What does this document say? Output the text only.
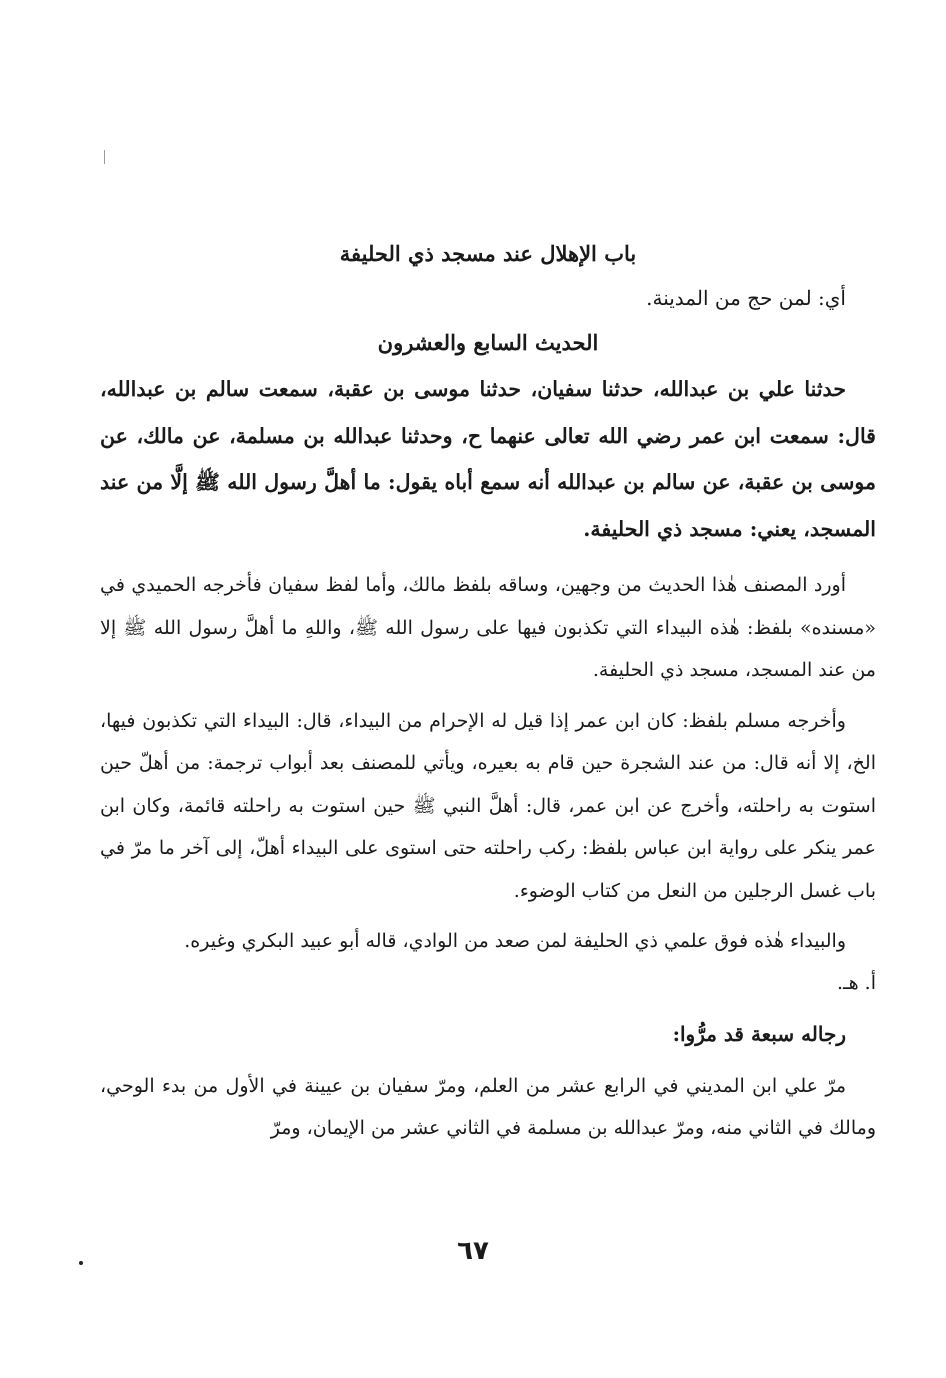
باب الإهلال عند مسجد ذي الحليفة

أي: لمن حج من المدينة.

الحديث السابع والعشرون

حدثنا علي بن عبدالله، حدثنا سفيان، حدثنا موسى بن عقبة، سمعت سالم بن عبدالله، قال: سمعت ابن عمر رضي الله تعالى عنهما ح، وحدثنا عبدالله بن مسلمة، عن مالك، عن موسى بن عقبة، عن سالم بن عبدالله أنه سمع أباه يقول: ما أهلَّ رسول الله ﷺ إلَّا من عند المسجد، يعني: مسجد ذي الحليفة.

أورد المصنف هٰذا الحديث من وجهين، وساقه بلفظ مالك، وأما لفظ سفيان فأخرجه الحميدي في «مسنده» بلفظ: هٰذه البيداء التي تكذبون فيها على رسول الله ﷺ، واللهِ ما أهلَّ رسول الله ﷺ إلا من عند المسجد، مسجد ذي الحليفة.

وأخرجه مسلم بلفظ: كان ابن عمر إذا قيل له الإحرام من البيداء، قال: البيداء التي تكذبون فيها، الخ، إلا أنه قال: من عند الشجرة حين قام به بعيره، ويأتي للمصنف بعد أبواب ترجمة: من أهلّ حين استوت به راحلته، وأخرج عن ابن عمر، قال: أهلَّ النبي ﷺ حين استوت به راحلته قائمة، وكان ابن عمر ينكر على رواية ابن عباس بلفظ: ركب راحلته حتى استوى على البيداء أهلّ، إلى آخر ما مرّ في باب غسل الرجلين من النعل من كتاب الوضوء.

والبيداء هٰذه فوق علمي ذي الحليفة لمن صعد من الوادي، قاله أبو عبيد البكري وغيره.

أ. هـ.

رجاله سبعة قد مرُّوا:

مرّ علي ابن المديني في الرابع عشر من العلم، ومرّ سفيان بن عيينة في الأول من بدء الوحي، ومالك في الثاني منه، ومرّ عبدالله بن مسلمة في الثاني عشر من الإيمان، ومرّ

٦٧
